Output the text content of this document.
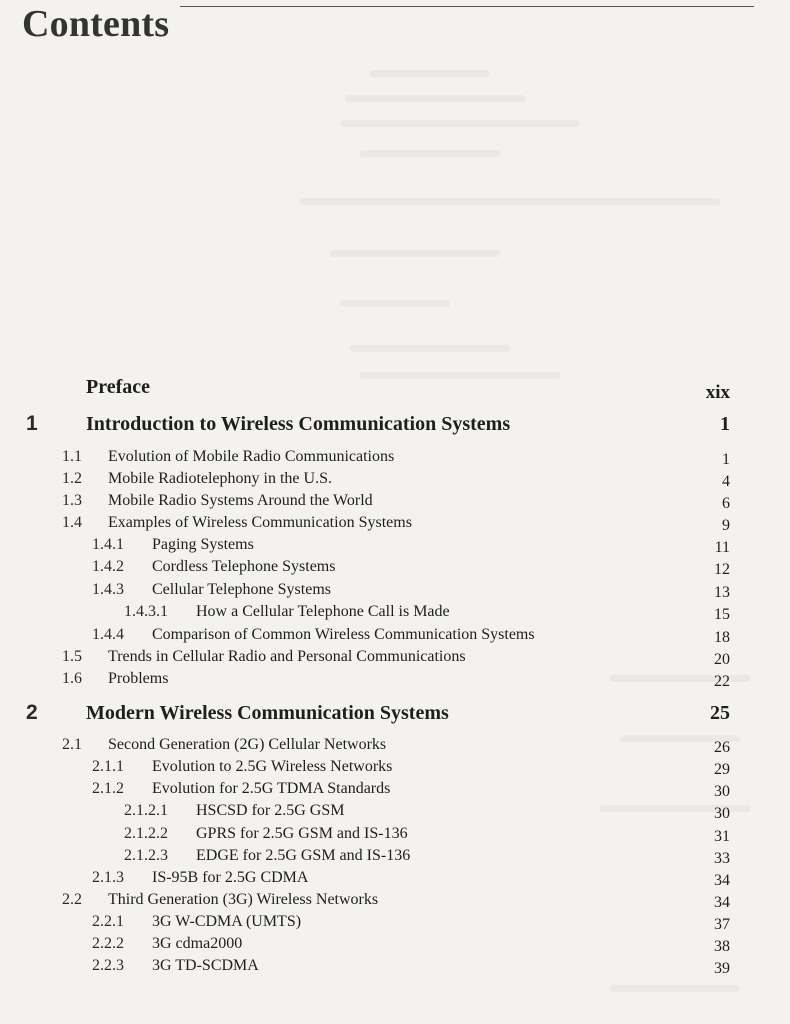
Contents
Preface	xix
1 Introduction to Wireless Communication Systems	1
1.1 Evolution of Mobile Radio Communications	1
1.2 Mobile Radiotelephony in the U.S.	4
1.3 Mobile Radio Systems Around the World	6
1.4 Examples of Wireless Communication Systems	9
1.4.1 Paging Systems	11
1.4.2 Cordless Telephone Systems	12
1.4.3 Cellular Telephone Systems	13
1.4.3.1 How a Cellular Telephone Call is Made	15
1.4.4 Comparison of Common Wireless Communication Systems	18
1.5 Trends in Cellular Radio and Personal Communications	20
1.6 Problems	22
2 Modern Wireless Communication Systems	25
2.1 Second Generation (2G) Cellular Networks	26
2.1.1 Evolution to 2.5G Wireless Networks	29
2.1.2 Evolution for 2.5G TDMA Standards	30
2.1.2.1 HSCSD for 2.5G GSM	30
2.1.2.2 GPRS for 2.5G GSM and IS-136	31
2.1.2.3 EDGE for 2.5G GSM and IS-136	33
2.1.3 IS-95B for 2.5G CDMA	34
2.2 Third Generation (3G) Wireless Networks	34
2.2.1 3G W-CDMA (UMTS)	37
2.2.2 3G cdma2000	38
2.2.3 3G TD-SCDMA	39
